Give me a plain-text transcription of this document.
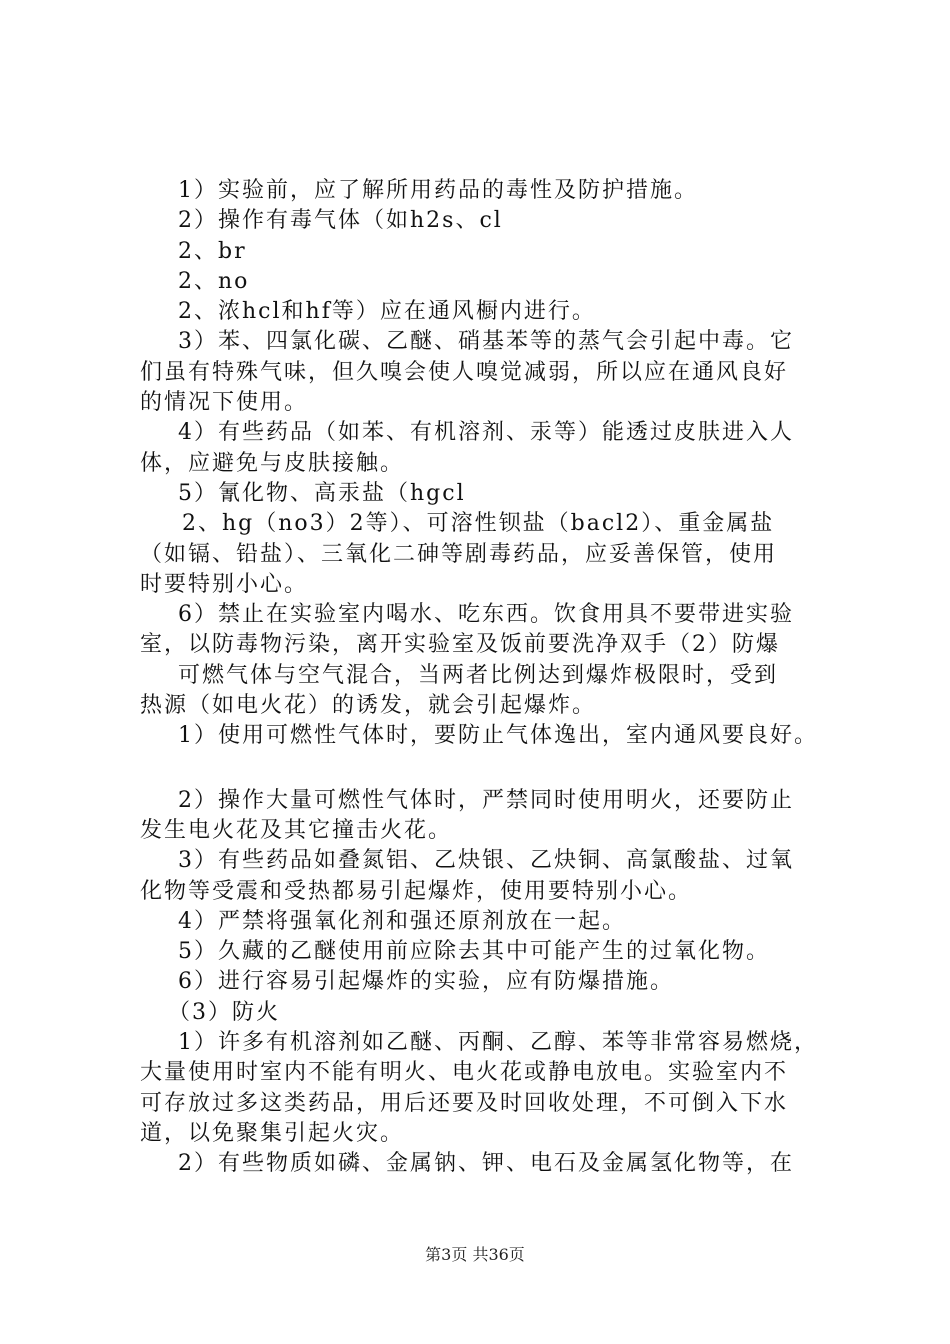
1）实验前，应了解所用药品的毒性及防护措施。
2）操作有毒气体（如h2s、cl
2、br
2、no
2、浓hcl和hf等）应在通风橱内进行。
3）苯、四氯化碳、乙醚、硝基苯等的蒸气会引起中毒。它
们虽有特殊气味，但久嗅会使人嗅觉减弱，所以应在通风良好
的情况下使用。
4）有些药品（如苯、有机溶剂、汞等）能透过皮肤进入人
体，应避免与皮肤接触。
5）氰化物、高汞盐（hgcl
2、hg（no3）2等）、可溶性钡盐（bacl2）、重金属盐
（如镉、铅盐）、三氧化二砷等剧毒药品，应妥善保管，使用
时要特别小心。
6）禁止在实验室内喝水、吃东西。饮食用具不要带进实验
室，以防毒物污染，离开实验室及饭前要洗净双手（2）防爆
可燃气体与空气混合，当两者比例达到爆炸极限时，受到
热源（如电火花）的诱发，就会引起爆炸。
1）使用可燃性气体时，要防止气体逸出，室内通风要良好。
2）操作大量可燃性气体时，严禁同时使用明火，还要防止
发生电火花及其它撞击火花。
3）有些药品如叠氮铝、乙炔银、乙炔铜、高氯酸盐、过氧
化物等受震和受热都易引起爆炸，使用要特别小心。
4）严禁将强氧化剂和强还原剂放在一起。
5）久藏的乙醚使用前应除去其中可能产生的过氧化物。
6）进行容易引起爆炸的实验，应有防爆措施。
（3）防火
1）许多有机溶剂如乙醚、丙酮、乙醇、苯等非常容易燃烧，
大量使用时室内不能有明火、电火花或静电放电。实验室内不
可存放过多这类药品，用后还要及时回收处理，不可倒入下水
道，以免聚集引起火灾。
2）有些物质如磷、金属钠、钾、电石及金属氢化物等，在
第3页 共36页
